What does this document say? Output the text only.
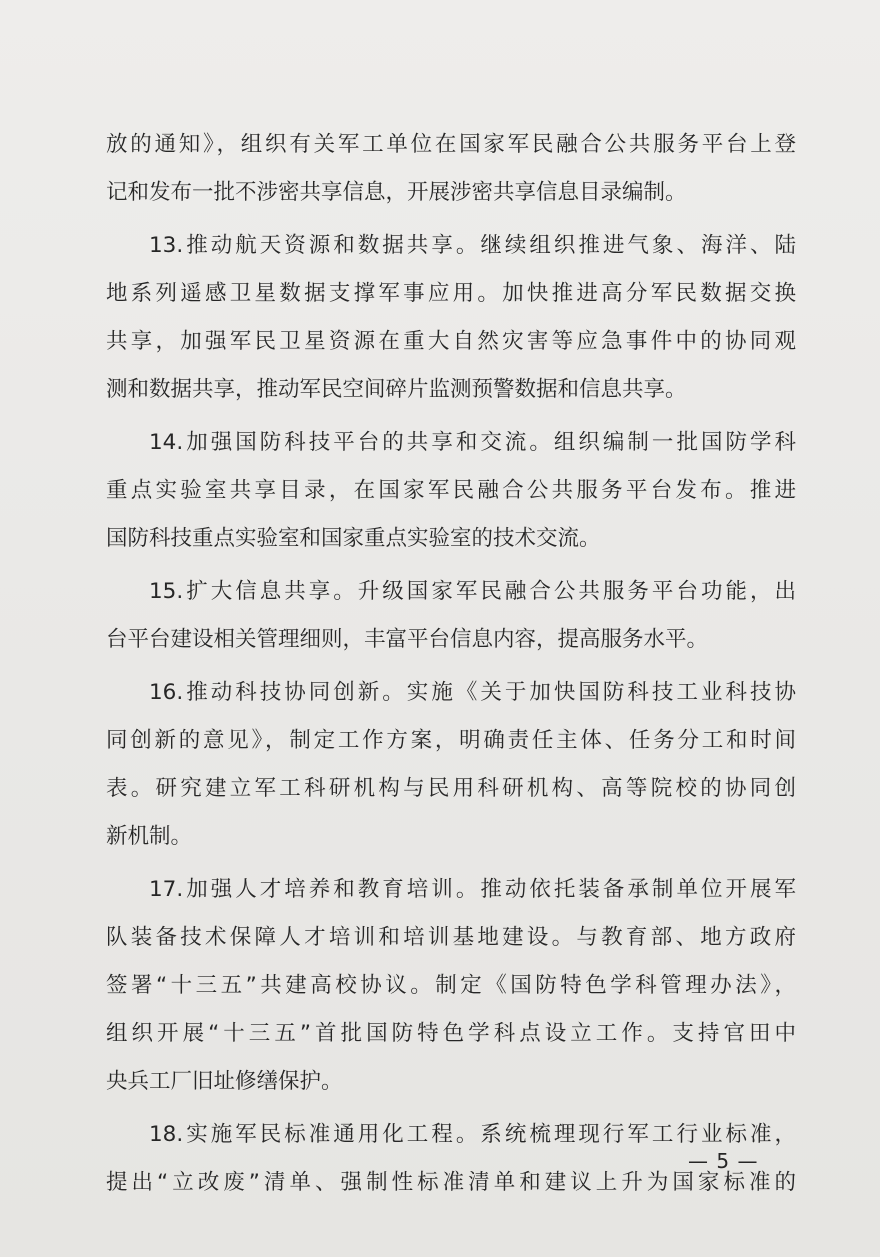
放的通知》，组织有关军工单位在国家军民融合公共服务平台上登

记和发布一批不涉密共享信息，开展涉密共享信息目录编制。

13.推动航天资源和数据共享。继续组织推进气象、海洋、陆

地系列遥感卫星数据支撑军事应用。加快推进高分军民数据交换

共享，加强军民卫星资源在重大自然灾害等应急事件中的协同观

测和数据共享，推动军民空间碎片监测预警数据和信息共享。

14.加强国防科技平台的共享和交流。组织编制一批国防学科

重点实验室共享目录，在国家军民融合公共服务平台发布。推进

国防科技重点实验室和国家重点实验室的技术交流。

15.扩大信息共享。升级国家军民融合公共服务平台功能，出

台平台建设相关管理细则，丰富平台信息内容，提高服务水平。

16.推动科技协同创新。实施《关于加快国防科技工业科技协

同创新的意见》，制定工作方案，明确责任主体、任务分工和时间

表。研究建立军工科研机构与民用科研机构、高等院校的协同创

新机制。

17.加强人才培养和教育培训。推动依托装备承制单位开展军

队装备技术保障人才培训和培训基地建设。与教育部、地方政府

签署“十三五”共建高校协议。制定《国防特色学科管理办法》，

组织开展“十三五”首批国防特色学科点设立工作。支持官田中

央兵工厂旧址修缮保护。

18.实施军民标准通用化工程。系统梳理现行军工行业标准，

提出“立改废”清单、强制性标准清单和建议上升为国家标准的

— 5 —
